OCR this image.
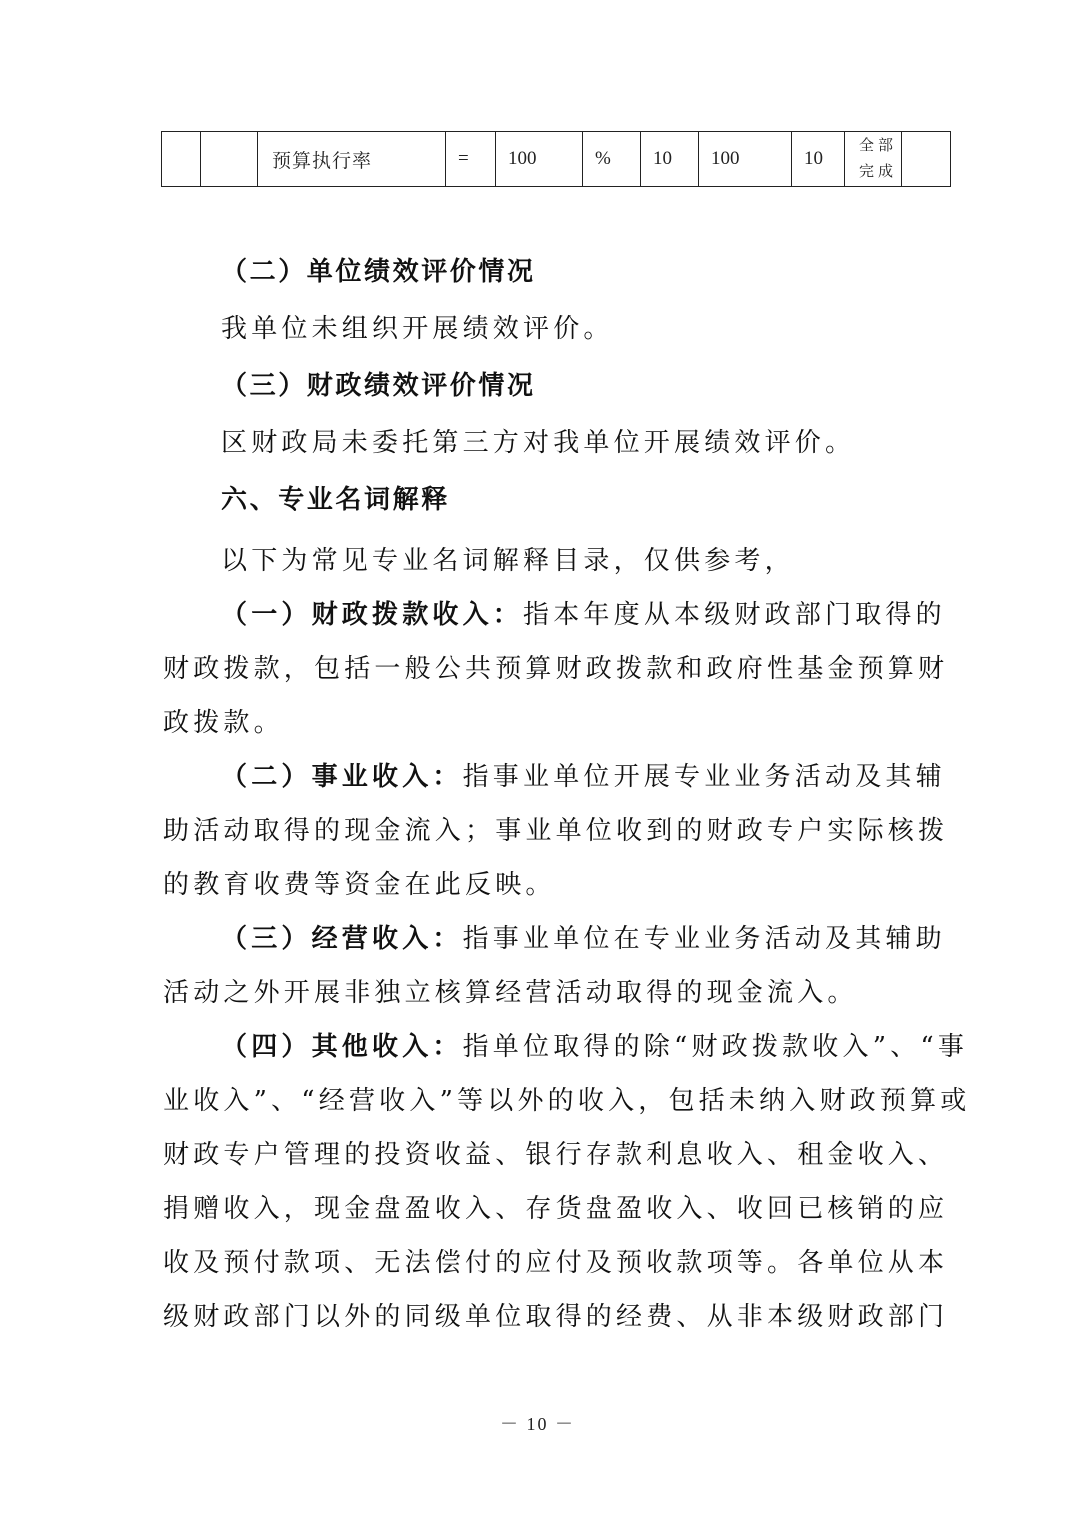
		预算执行率	=	100	%	10	100	10	全部完成	
（二）单位绩效评价情况
我单位未组织开展绩效评价。
（三）财政绩效评价情况
区财政局未委托第三方对我单位开展绩效评价。
六、专业名词解释
以下为常见专业名词解释目录，仅供参考，
（一）财政拨款收入：指本年度从本级财政部门取得的
财政拨款，包括一般公共预算财政拨款和政府性基金预算财
政拨款。
（二）事业收入：指事业单位开展专业业务活动及其辅
助活动取得的现金流入；事业单位收到的财政专户实际核拨
的教育收费等资金在此反映。
（三）经营收入：指事业单位在专业业务活动及其辅助
活动之外开展非独立核算经营活动取得的现金流入。
（四）其他收入：指单位取得的除“财政拨款收入”、“事
业收入”、“经营收入”等以外的收入，包括未纳入财政预算或
财政专户管理的投资收益、银行存款利息收入、租金收入、
捐赠收入，现金盘盈收入、存货盘盈收入、收回已核销的应
收及预付款项、无法偿付的应付及预收款项等。各单位从本
级财政部门以外的同级单位取得的经费、从非本级财政部门
－ 10 －
